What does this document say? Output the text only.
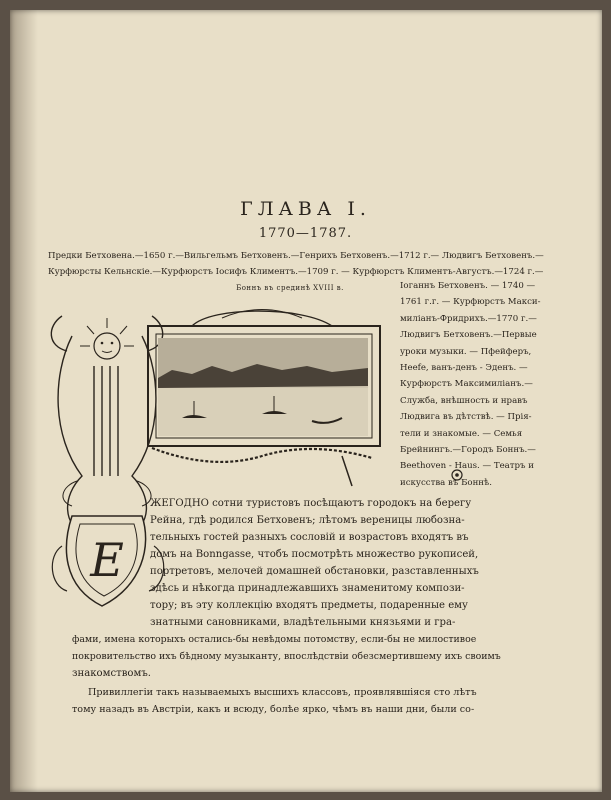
ГЛАВА I.
1770—1787.
Предки Бетховена.—1650 г.—Вильгельмъ Бетховенъ.—Генрихъ Бетховенъ.—1712 г.— Людвигъ Бетховенъ.—
Курфюрсты Кельнскіе.—Курфюрстъ Іосифъ Климентъ.—1709 г. — Курфюрстъ Климентъ-Августъ.—1724 г.—
Іоганнъ Бетховенъ. — 1740 —
1761 г.г. — Курфюрстъ Макси-
миліанъ-Фридрихъ.—1770 г.—
Людвигъ Бетховенъ.—Первые
уроки музыки. — Пфейферъ,
Нееfе, ванъ-денъ - Эденъ. —
Курфюрстъ Максимиліанъ.—
Служба, внѣшность и нравъ
Людвига въ дѣтствѣ. — Прія-
тели и знакомые. — Семья
Брейнингъ.—Городъ Боннъ.—
Beethoven - Haus. — Театръ и
искусства въ Боннѣ.
Боннъ въ срединѣ XVIII в.
Е
ЖЕГОДНО сотни туристовъ посѣщаютъ городокъ на берегу
Рейна, гдѣ родился Бетховенъ; лѣтомъ вереницы любозна-
тельныхъ гостей разныхъ сословій и возрастовъ входятъ въ
домъ на Bonngasse, чтобъ посмотрѣть множество рукописей,
портретовъ, мелочей домашней обстановки, разставленныхъ
здѣсь и нѣкогда принадлежавшихъ знаменитому компози-
тору; въ эту коллекцію входятъ предметы, подаренные ему
знатными сановниками, владѣтельными князьями и гра-
фами, имена которыхъ остались-бы невѣдомы потомству, если-бы не милостивое
покровительство ихъ бѣдному музыканту, впослѣдствіи обезсмертившему ихъ своимъ
знакомствомъ.
Привиллегіи такъ называемыхъ высшихъ классовъ, проявлявшіяся сто лѣтъ
тому назадъ въ Австріи, какъ и всюду, болѣе ярко, чѣмъ въ наши дни, были со-
